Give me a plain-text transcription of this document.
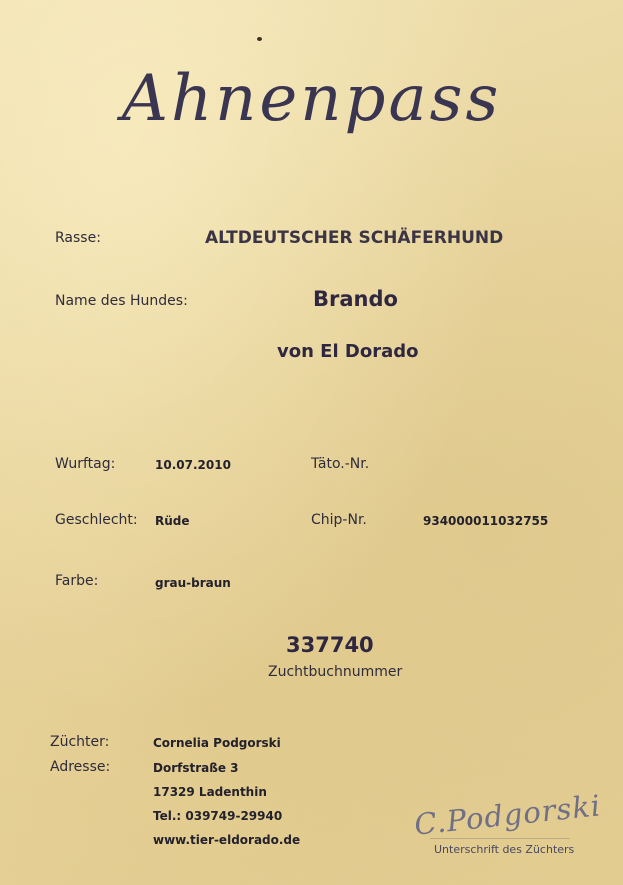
Ahnenpass
Rasse:	ALTDEUTSCHER SCHÄFERHUND
Name des Hundes:	Brando
von El Dorado
Wurftag:	10.07.2010	Täto.-Nr.
Geschlecht: Rüde	Chip-Nr.	934000011032755
Farbe:	grau-braun
337740
Zuchtbuchnummer
Züchter:	Cornelia Podgorski
Adresse:	Dorfstraße 3
17329 Ladenthin
Tel.: 039749-29940
www.tier-eldorado.de	C.Podgorski
Unterschrift des Züchters
